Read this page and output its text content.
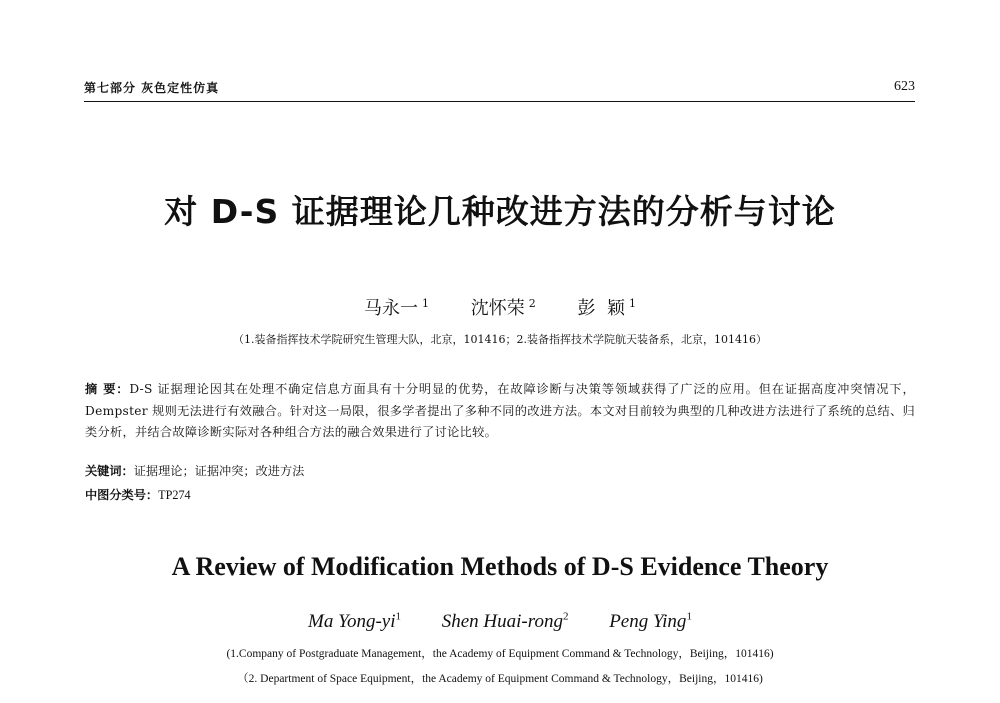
第七部分 灰色定性仿真	623
对 D-S 证据理论几种改进方法的分析与讨论
马永一 $^1$ 沈怀荣 $^2$ 彭  颖 $^1$
（1.装备指挥技术学院研究生管理大队，北京，101416；2.装备指挥技术学院航天装备系，北京，101416）
摘 要：D-S 证据理论因其在处理不确定信息方面具有十分明显的优势，在故障诊断与决策等领域获得了广泛的应用。但在证据高度冲突情况下，Dempster 规则无法进行有效融合。针对这一局限，很多学者提出了多种不同的改进方法。本文对目前较为典型的几种改进方法进行了系统的总结、归类分析，并结合故障诊断实际对各种组合方法的融合效果进行了讨论比较。
关键词：证据理论；证据冲突；改进方法
中图分类号：TP274
A Review of Modification Methods of D-S Evidence Theory
Ma Yong-$yi^1$ Shen Huai-rong$^2$ Peng Ying$^1$
(1.Company of Postgraduate Management，the Academy of Equipment Command & Technology，Beijing，101416)
（2. Department of Space Equipment，the Academy of Equipment Command & Technology，Beijing，101416)
